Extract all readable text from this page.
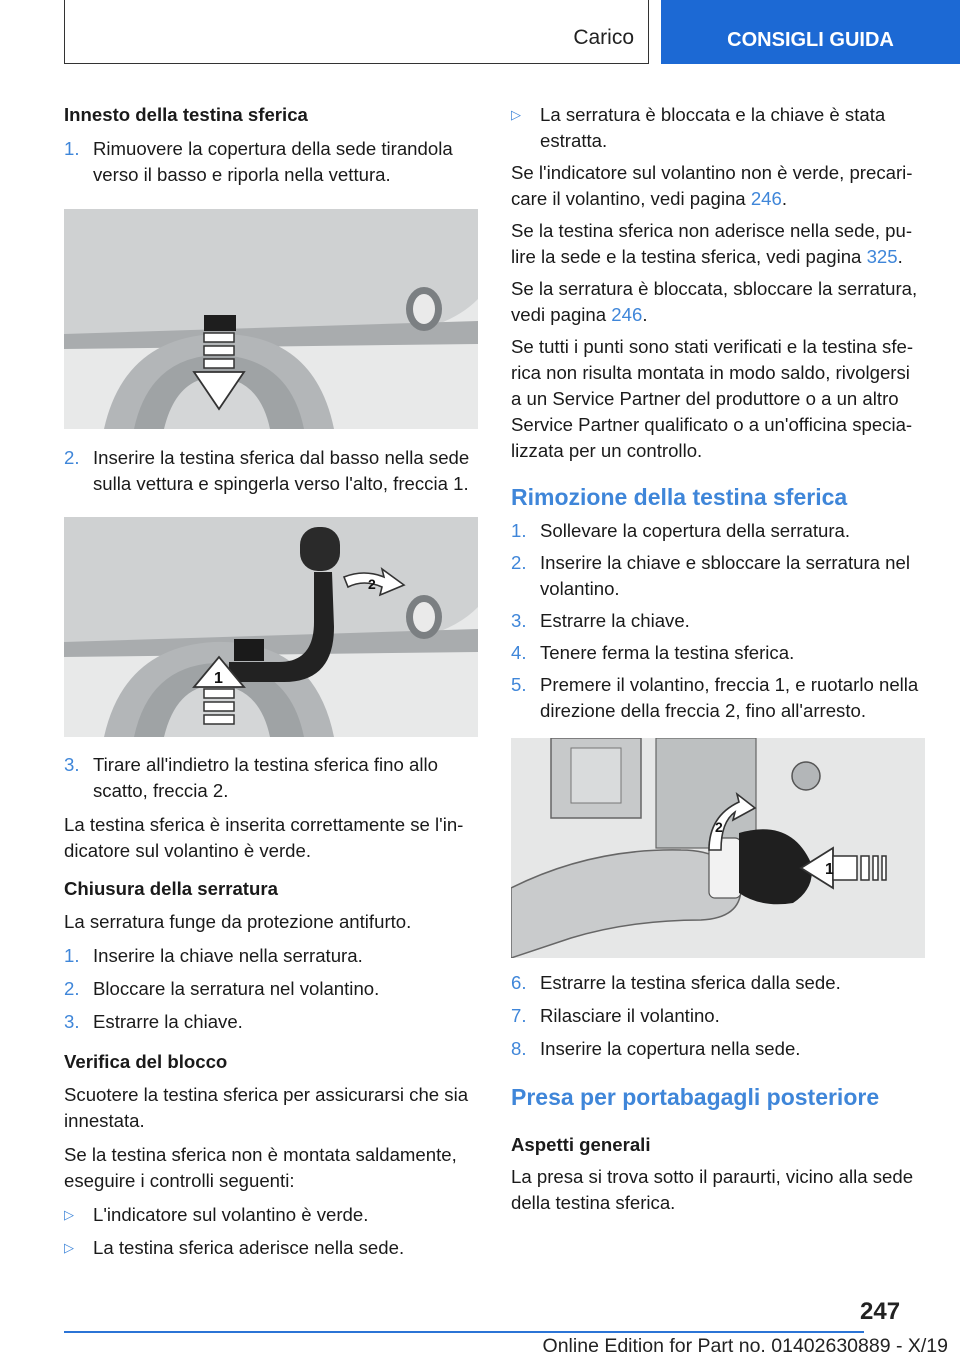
Carico	CONSIGLI GUIDA
Innesto della testina sferica
1. Rimuovere la copertura della sede tirandola verso il basso e riporla nella vettura.
2. Inserire la testina sferica dal basso nella sede sulla vettura e spingerla verso l'alto, freccia 1.
1
2
3. Tirare all'indietro la testina sferica fino allo scatto, freccia 2.
La testina sferica è inserita correttamente se l'in‐dicatore sul volantino è verde.
Chiusura della serratura
La serratura funge da protezione antifurto.
1. Inserire la chiave nella serratura.
2. Bloccare la serratura nel volantino.
3. Estrarre la chiave.
Verifica del blocco
Scuotere la testina sferica per assicurarsi che sia innestata.
Se la testina sferica non è montata saldamente, eseguire i controlli seguenti:
▷	L'indicatore sul volantino è verde.
▷	La testina sferica aderisce nella sede.
▷	La serratura è bloccata e la chiave è stata estratta.
Se l'indicatore sul volantino non è verde, precari‐care il volantino, vedi pagina 246.
Se la testina sferica non aderisce nella sede, pu‐lire la sede e la testina sferica, vedi pagina 325.
Se la serratura è bloccata, sbloccare la serratura, vedi pagina 246.
Se tutti i punti sono stati verificati e la testina sfe‐rica non risulta montata in modo saldo, rivolgersi a un Service Partner del produttore o a un altro Service Partner qualificato o a un'officina specia‐lizzata per un controllo.
Rimozione della testina sferica
1. Sollevare la copertura della serratura.
2. Inserire la chiave e sbloccare la serratura nel volantino.
3. Estrarre la chiave.
4. Tenere ferma la testina sferica.
5. Premere il volantino, freccia 1, e ruotarlo nella direzione della freccia 2, fino all'arresto.
2
1
6. Estrarre la testina sferica dalla sede.
7. Rilasciare il volantino.
8. Inserire la copertura nella sede.
Presa per portabagagli posteriore
Aspetti generali
La presa si trova sotto il paraurti, vicino alla sede della testina sferica.
247
Online Edition for Part no. 01402630889 - X/19
